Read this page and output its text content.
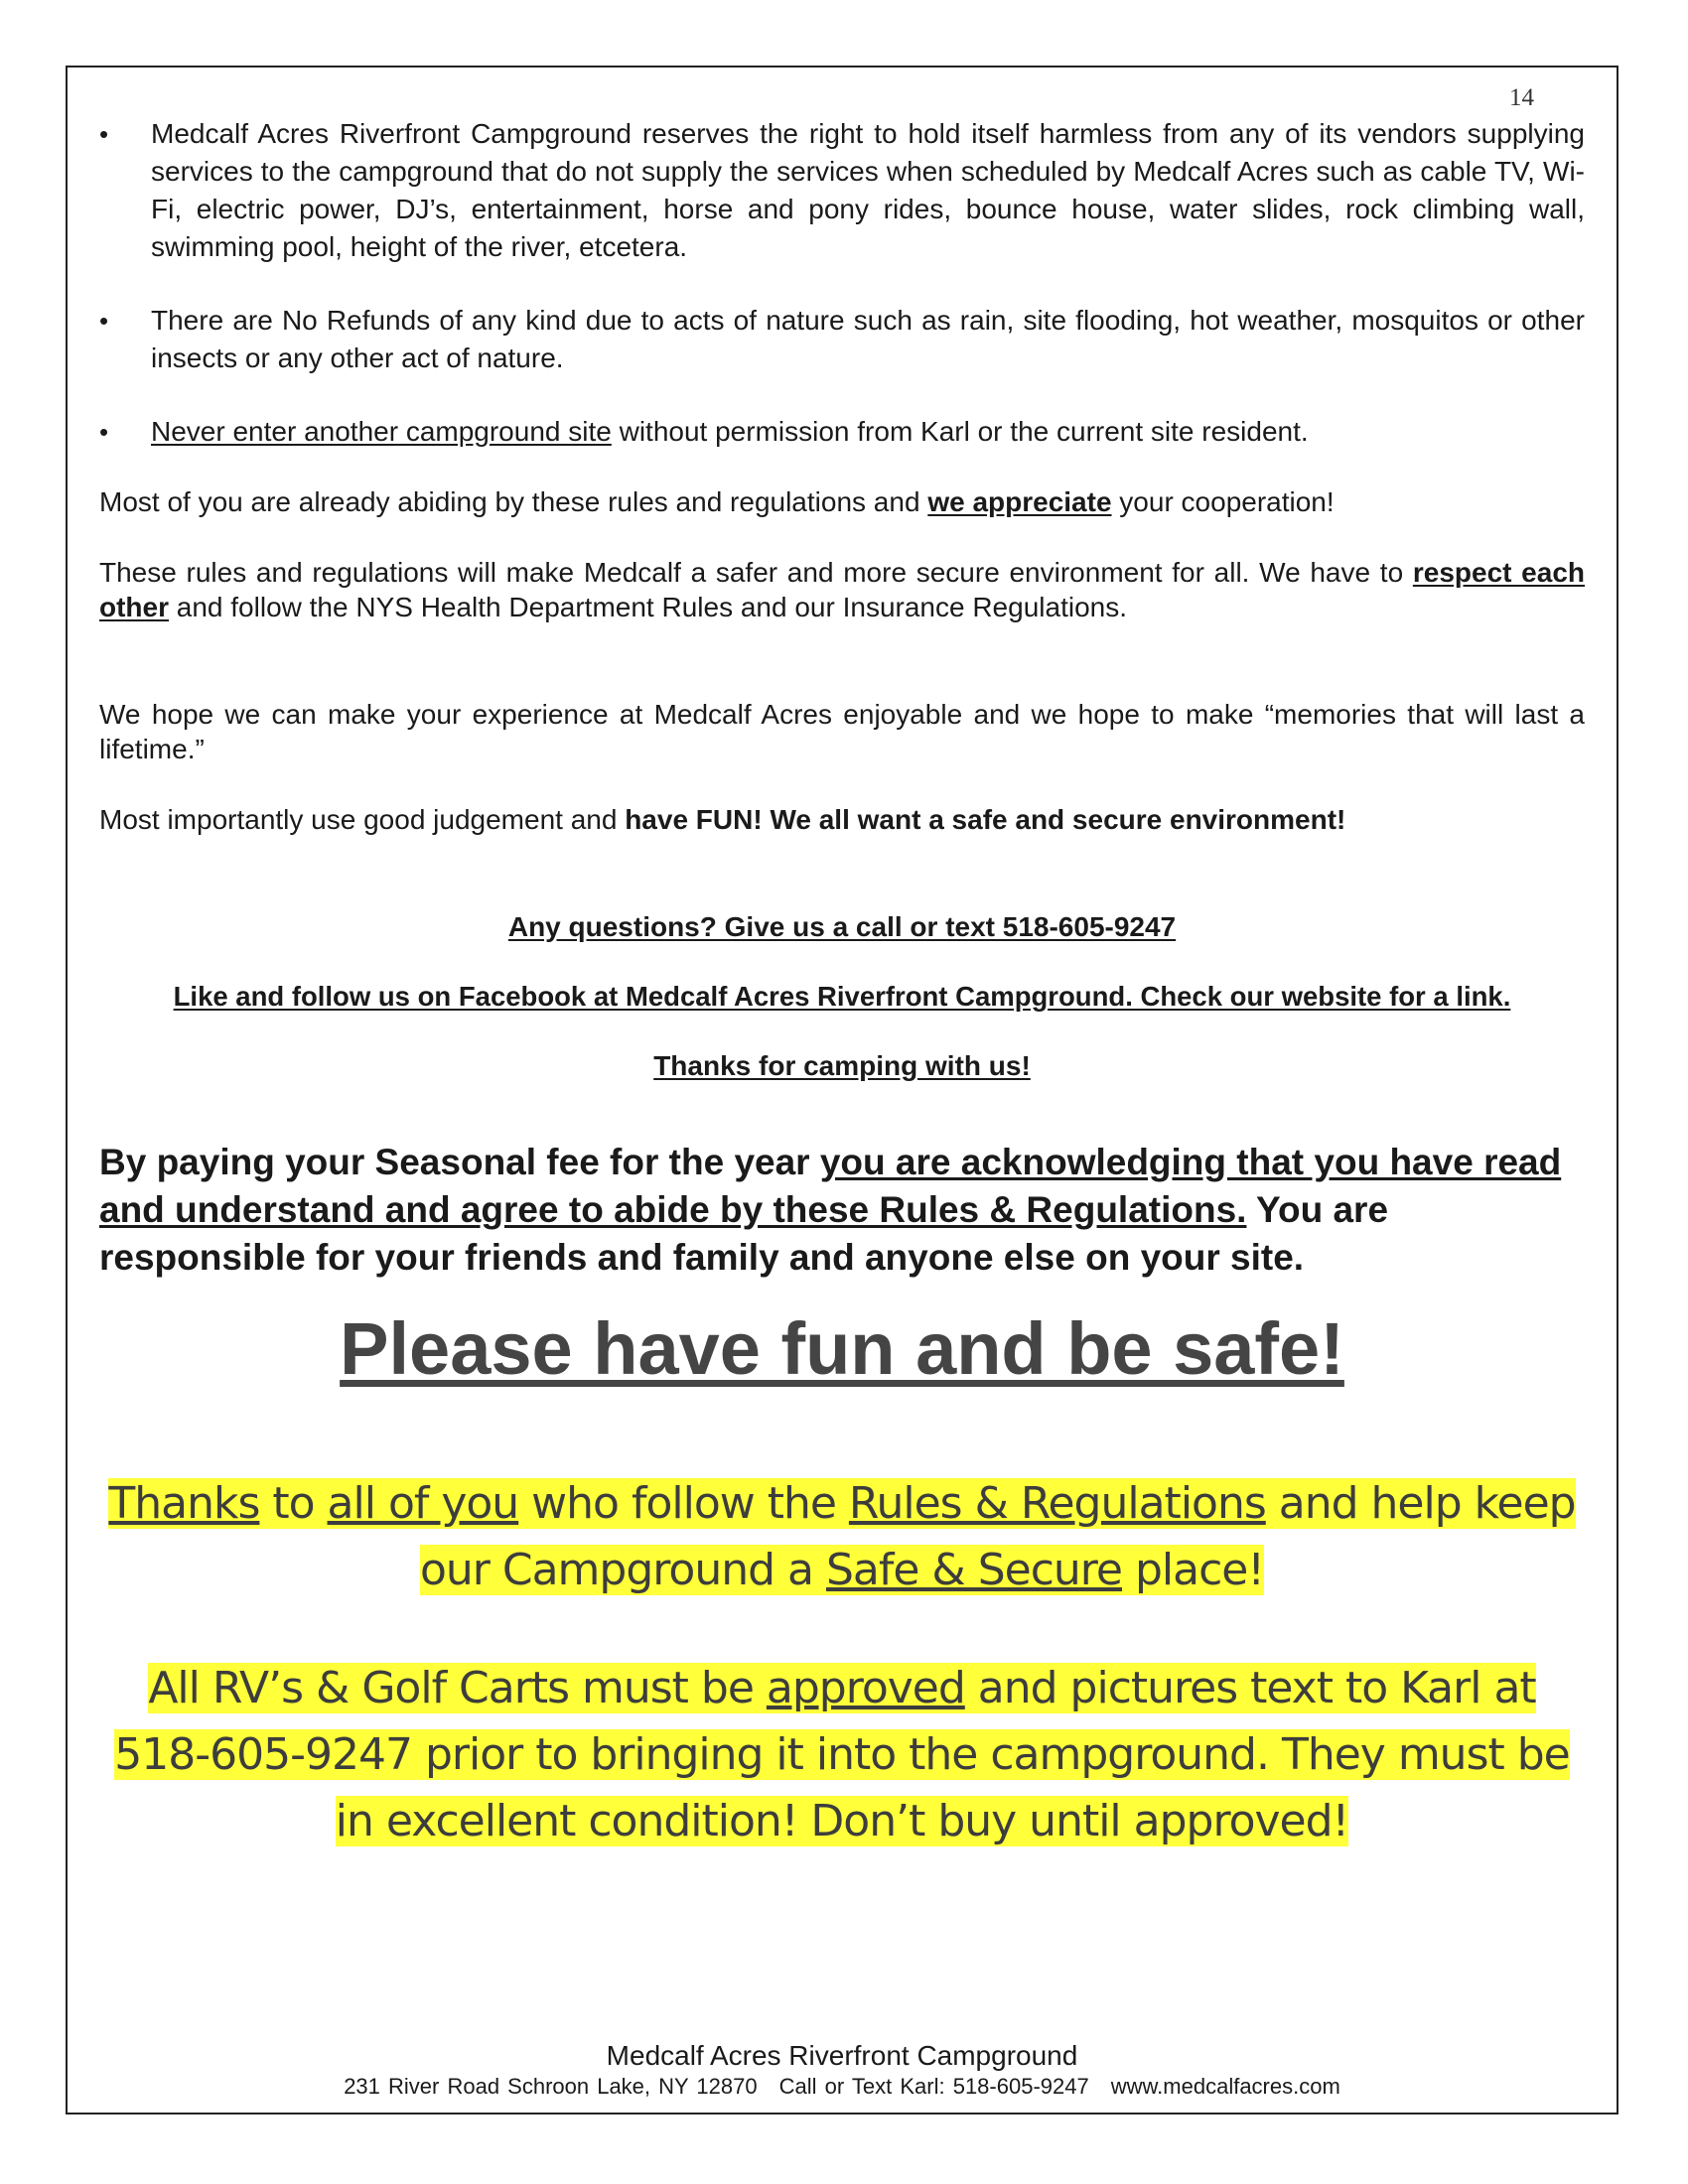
14
• Medcalf Acres Riverfront Campground reserves the right to hold itself harmless from any of its vendors supplying services to the campground that do not supply the services when scheduled by Medcalf Acres such as cable TV, Wi-Fi, electric power, DJ’s, entertainment, horse and pony rides, bounce house, water slides, rock climbing wall, swimming pool, height of the river, etcetera.
• There are No Refunds of any kind due to acts of nature such as rain, site flooding, hot weather, mosquitos or other insects or any other act of nature.
• Never enter another campground site without permission from Karl or the current site resident.

Most of you are already abiding by these rules and regulations and we appreciate your cooperation!

These rules and regulations will make Medcalf a safer and more secure environment for all. We have to respect each other and follow the NYS Health Department Rules and our Insurance Regulations.

We hope we can make your experience at Medcalf Acres enjoyable and we hope to make “memories that will last a lifetime.”

Most importantly use good judgement and have FUN! We all want a safe and secure environment!

Any questions? Give us a call or text 518-605-9247

Like and follow us on Facebook at Medcalf Acres Riverfront Campground. Check our website for a link.

Thanks for camping with us!

By paying your Seasonal fee for the year you are acknowledging that you have read and understand and agree to abide by these Rules & Regulations. You are responsible for your friends and family and anyone else on your site.

Please have fun and be safe!
Thanks to all of you who follow the Rules & Regulations and help keep our Campground a Safe & Secure place!
All RV’s & Golf Carts must be approved and pictures text to Karl at 518-605-9247 prior to bringing it into the campground. They must be in excellent condition! Don’t buy until approved!
Medcalf Acres Riverfront Campground
231 River Road Schroon Lake, NY 12870 Call or Text Karl: 518-605-9247 www.medcalfacres.com
